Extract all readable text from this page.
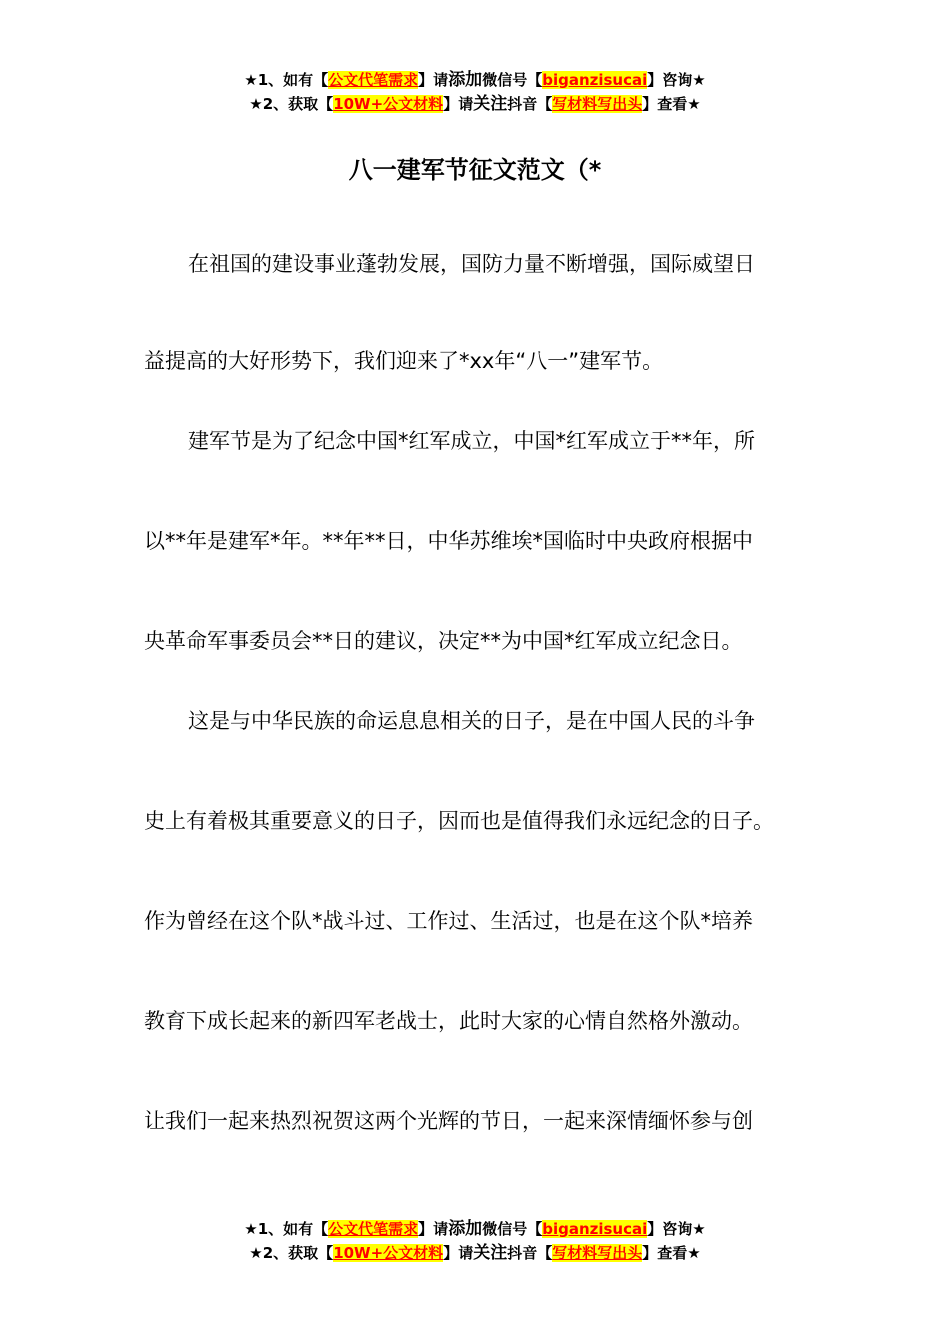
★1、如有【公文代笔需求】请添加微信号【biganzisucai】咨询★
★2、获取【10W+公文材料】请关注抖音【写材料写出头】查看★
八一建军节征文范文（*
在祖国的建设事业蓬勃发展，国防力量不断增强，国际威望日
益提高的大好形势下，我们迎来了*xx年“八一”建军节。
建军节是为了纪念中国*红军成立，中国*红军成立于**年，所
以**年是建军*年。**年**日，中华苏维埃*国临时中央政府根据中
央革命军事委员会**日的建议，决定**为中国*红军成立纪念日。
这是与中华民族的命运息息相关的日子，是在中国人民的斗争
史上有着极其重要意义的日子，因而也是值得我们永远纪念的日子。
作为曾经在这个队*战斗过、工作过、生活过，也是在这个队*培养
教育下成长起来的新四军老战士，此时大家的心情自然格外激动。
让我们一起来热烈祝贺这两个光辉的节日，一起来深情缅怀参与创
★1、如有【公文代笔需求】请添加微信号【biganzisucai】咨询★
★2、获取【10W+公文材料】请关注抖音【写材料写出头】查看★
